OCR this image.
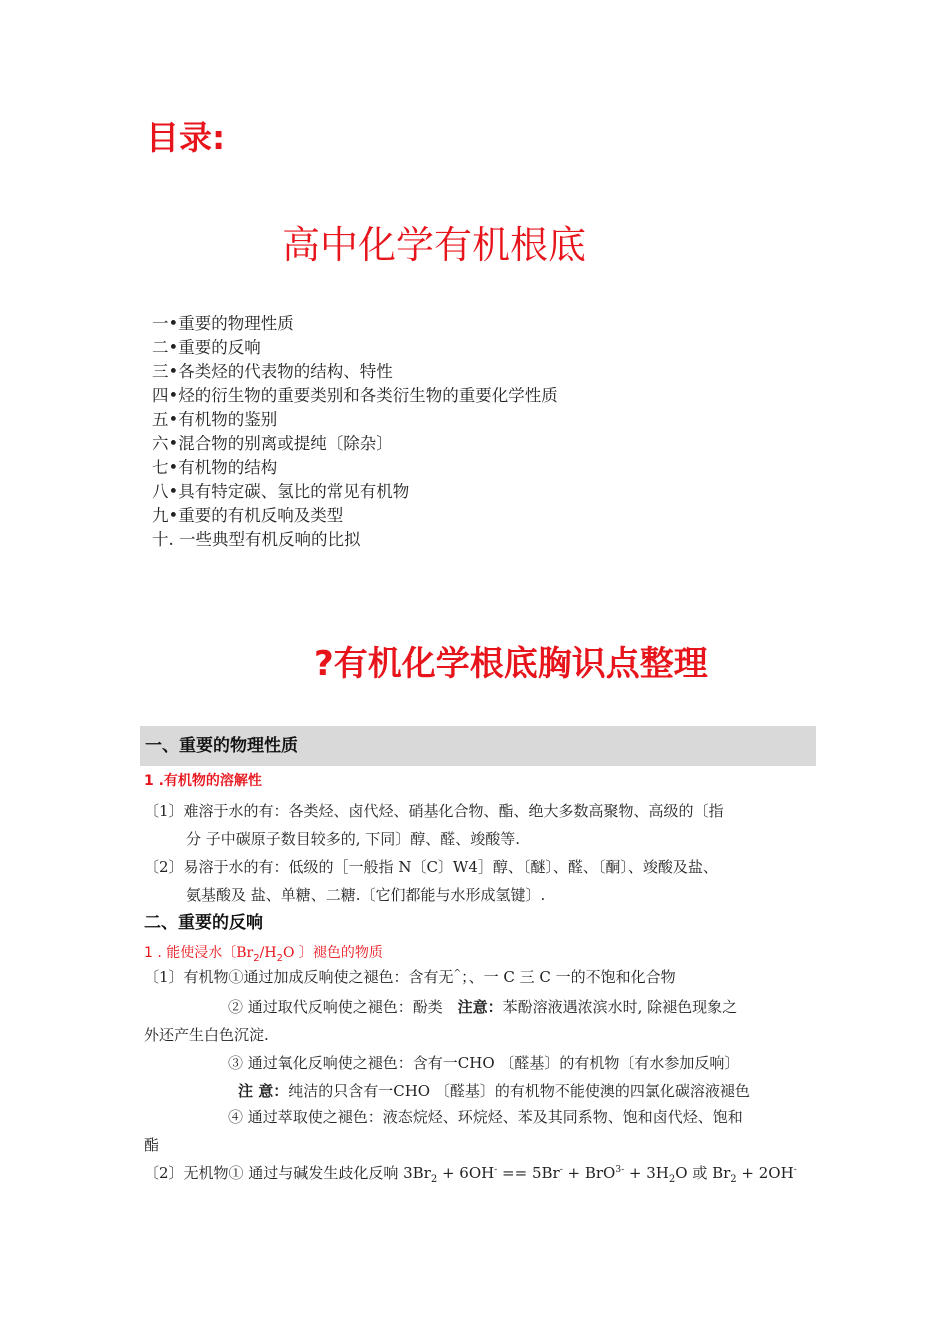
目录:
高中化学有机根底
一•重要的物理性质
二•重要的反响
三•各类烃的代表物的结构、特性
四•烃的衍生物的重要类别和各类衍生物的重要化学性质
五•有机物的鉴别
六•混合物的别离或提纯〔除杂〕
七•有机物的结构
八•具有特定碳、氢比的常见有机物
九•重要的有机反响及类型
十. 一些典型有机反响的比拟
?有机化学根底胸识点整理
一、重要的物理性质
1 .有机物的溶解性
〔1〕难溶于水的有：各类烃、卤代烃、硝基化合物、酯、绝大多数高聚物、高级的〔指
分 子中碳原子数目较多的, 下同〕醇、醛、竣酸等.
〔2〕易溶于水的有：低级的［一般指 N〔C〕W4］醇、〔醚〕、醛、〔酮〕、竣酸及盐、
氨基酸及 盐、单糖、二糖.〔它们都能与水形成氢键〕.
二、重要的反响
1 . 能使浸水〔$Br_2/H_2O$ 〕褪色的物质
〔1〕有机物①通过加成反响使之褪色：含有无^；、一 C 三 C 一的不饱和化合物
② 通过取代反响使之褪色：酚类 注意：苯酚溶液遇浓滨水时, 除褪色现象之
外还产生白色沉淀.
③ 通过氧化反响使之褪色：含有一CHO 〔醛基〕的有机物〔有水参加反响〕
注 意：纯洁的只含有一CHO 〔醛基〕的有机物不能使澳的四氯化碳溶液褪色
④ 通过萃取使之褪色：液态烷烃、环烷烃、苯及其同系物、饱和卤代烃、饱和
酯
〔2〕无机物① 通过与碱发生歧化反响 $3Br_2 + 6OH^- == 5Br^- + BrO^{3-} + 3H_2O$ 或 $Br_2 + 2OH^-$
